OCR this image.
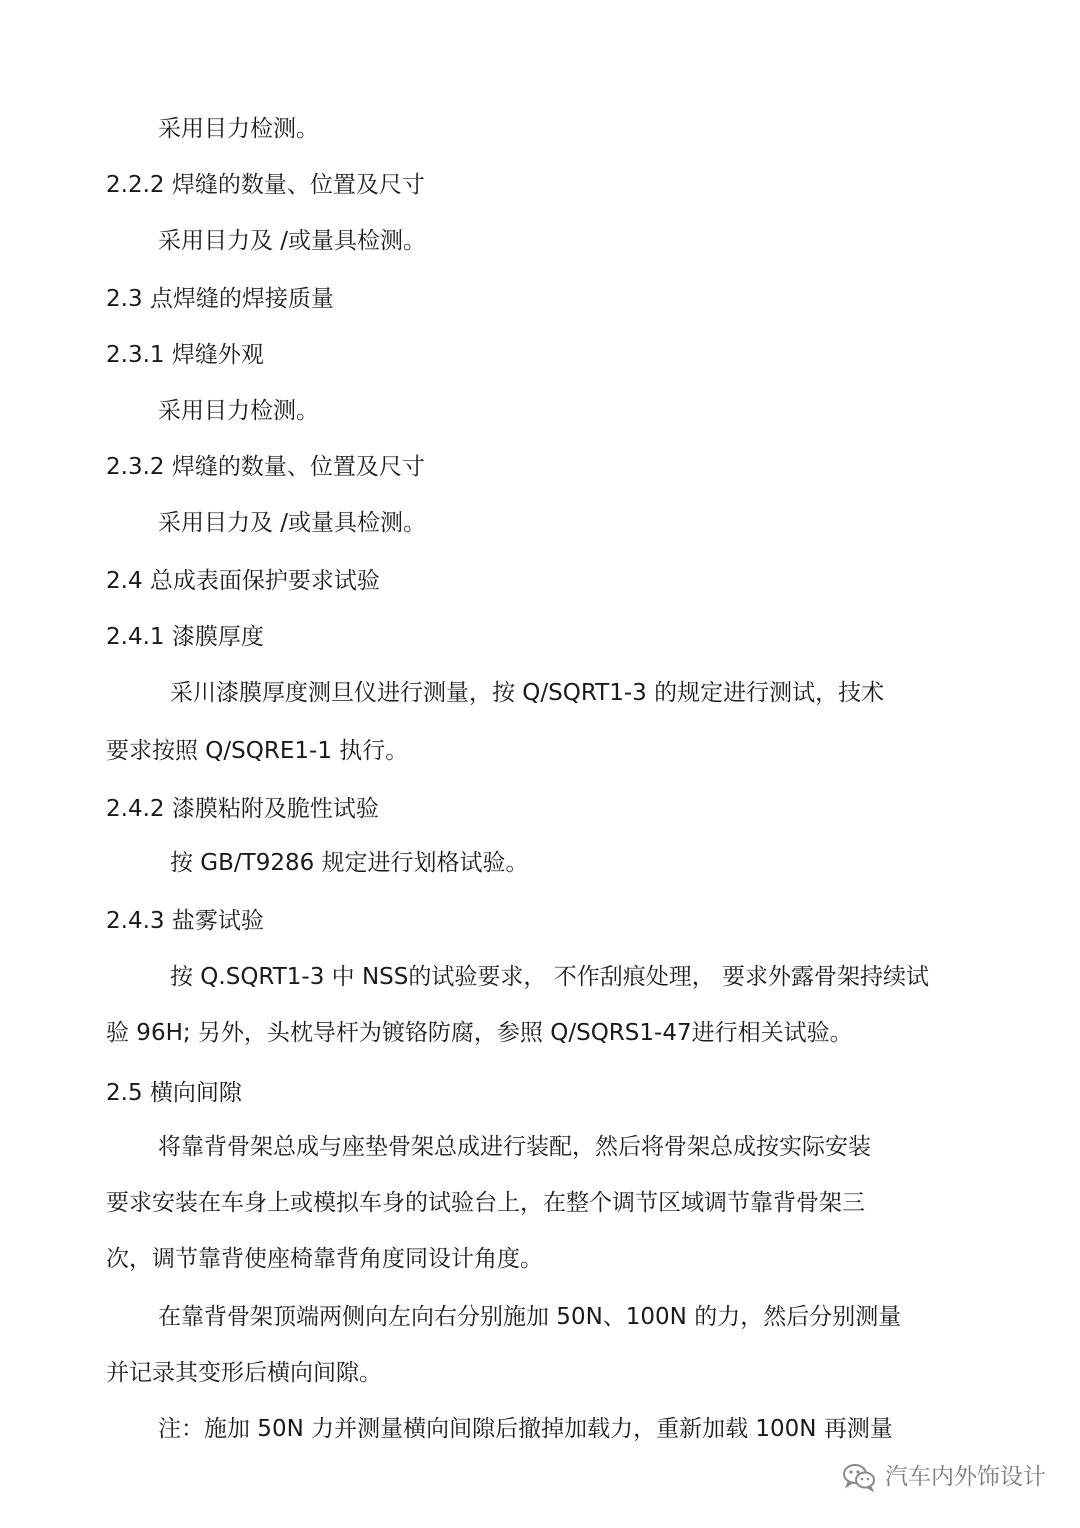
采用目力检测。
2.2.2 焊缝的数量、位置及尺寸
采用目力及 /或量具检测。
2.3 点焊缝的焊接质量
2.3.1 焊缝外观
采用目力检测。
2.3.2 焊缝的数量、位置及尺寸
采用目力及 /或量具检测。
2.4 总成表面保护要求试验
2.4.1 漆膜厚度
采川漆膜厚度测旦仪进行测量，按 Q/SQRT1-3 的规定进行测试，技术
要求按照 Q/SQRE1-1 执行。
2.4.2 漆膜粘附及脆性试验
按 GB/T9286 规定进行划格试验。
2.4.3 盐雾试验
按 Q.SQRT1-3 中 NSS的试验要求， 不作刮痕处理， 要求外露骨架持续试
验 96H; 另外，头枕导杆为镀铬防腐，参照 Q/SQRS1-47进行相关试验。
2.5 横向间隙
将靠背骨架总成与座垫骨架总成进行装配，然后将骨架总成按实际安装
要求安装在车身上或模拟车身的试验台上，在整个调节区域调节靠背骨架三
次，调节靠背使座椅靠背角度同设计角度。
在靠背骨架顶端两侧向左向右分别施加 50N、100N 的力，然后分别测量
并记录其变形后横向间隙。
注：施加 50N 力并测量横向间隙后撤掉加载力，重新加载 100N 再测量
汽车内外饰设计
